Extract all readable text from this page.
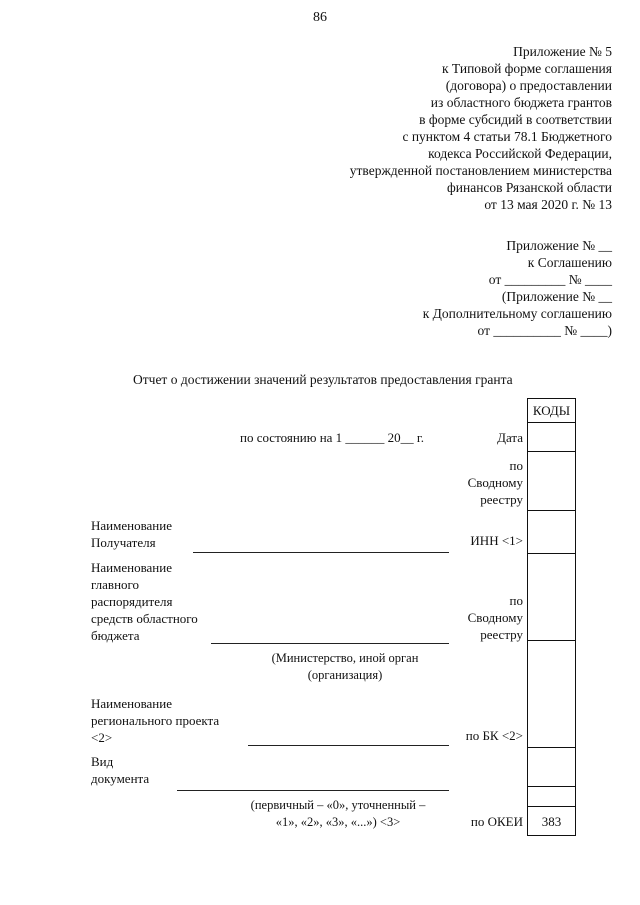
86
Приложение № 5
к Типовой форме соглашения
(договора) о предоставлении
из областного бюджета грантов
в форме субсидий в соответствии
с пунктом 4 статьи 78.1 Бюджетного
кодекса Российской Федерации,
утвержденной постановлением министерства
финансов Рязанской области
от 13 мая 2020 г. № 13
Приложение № __
к Соглашению
от _________ № ____
(Приложение № __
к Дополнительному соглашению
от __________ № ____)
Отчет о достижении значений результатов предоставления гранта
КОДЫ
по состоянию на 1 ______ 20__ г.	Дата
по
Сводному
реестру
Наименование
Получателя	ИНН <1>
Наименование
главного
распорядителя
средств областного
бюджета
по
Сводному
реестру
(Министерство, иной орган
(организация)
Наименование
регионального проекта
<2>	по БК <2>
Вид
документа
(первичный – «0», уточненный –
«1», «2», «3», «...») <3>	по ОКЕИ	383
